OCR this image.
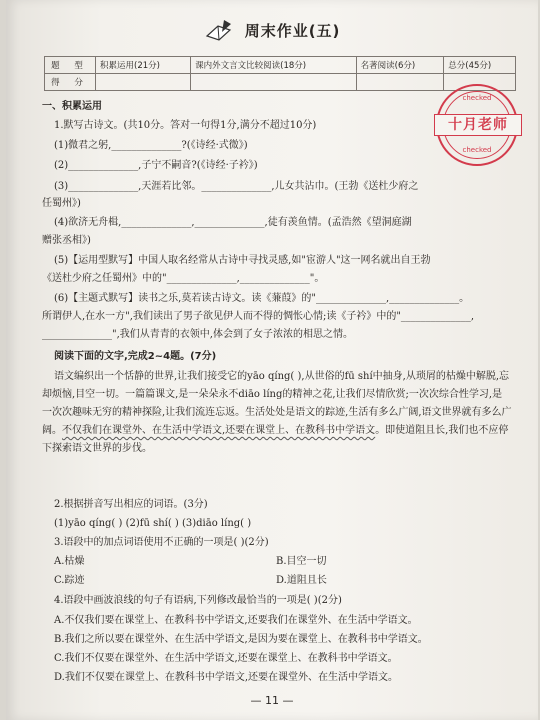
周末作业(五)
题 型	积累运用(21分)	课内外文言文比较阅读(18分)	名著阅读(6分)	总分(45分)
得 分				
checked
十月老师
checked
一、积累运用
1.默写古诗文。(共10分。答对一句得1分,满分不超过10分)
(1)微君之躬,______________?(《诗经·式微》)
(2)______________,子宁不嗣音?(《诗经·子衿》)
(3)______________,天涯若比邻。______________,儿女共沾巾。(王勃《送杜少府之
任蜀州》)
(4)欲济无舟楫,______________,______________,徒有羡鱼情。(孟浩然《望洞庭湖
赠张丞相》)
(5)【运用型默写】中国人取名经常从古诗中寻找灵感,如"宦游人"这一网名就出自王勃
《送杜少府之任蜀州》中的"______________,______________"。
(6)【主题式默写】读书之乐,莫若读古诗文。读《蒹葭》的"______________,______________。
所谓伊人,在水一方",我们读出了男子欲见伊人而不得的惆怅心情;读《子衿》中的"______________,
______________",我们从青青的衣领中,体会到了女子浓浓的相思之情。
阅读下面的文字,完成2~4题。(7分)
语文编织出一个恬静的世界,让我们接受它的yāo qíng( ),从世俗的fū shí中抽身,从琐屑的枯燥中解脱,忘却烦恼,目空一切。一篇篇课文,是一朵朵永不diāo líng的精神之花,让我们尽情欣赏;一次次综合性学习,是一次次趣味无穷的精神探险,让我们流连忘返。生活处处是语文的踪迹,生活有多么广阔,语文世界就有多么广阔。不仅我们在课堂外、在生活中学语文,还要在课堂上、在教科书中学语文。即使道阻且长,我们也不应停下探索语文世界的步伐。
2.根据拼音写出相应的词语。(3分)
(1)yāo qíng( ) (2)fū shí( ) (3)diāo líng( )
3.语段中的加点词语使用不正确的一项是( )(2分)
A.枯燥	B.目空一切
C.踪迹	D.道阻且长
4.语段中画波浪线的句子有语病,下列修改最恰当的一项是( )(2分)
A.不仅我们要在课堂上、在教科书中学语文,还要我们在课堂外、在生活中学语文。
B.我们之所以要在课堂外、在生活中学语文,是因为要在课堂上、在教科书中学语文。
C.我们不仅要在课堂外、在生活中学语文,还要在课堂上、在教科书中学语文。
D.我们不仅要在课堂上、在教科书中学语文,还要在课堂外、在生活中学语文。
— 11 —
